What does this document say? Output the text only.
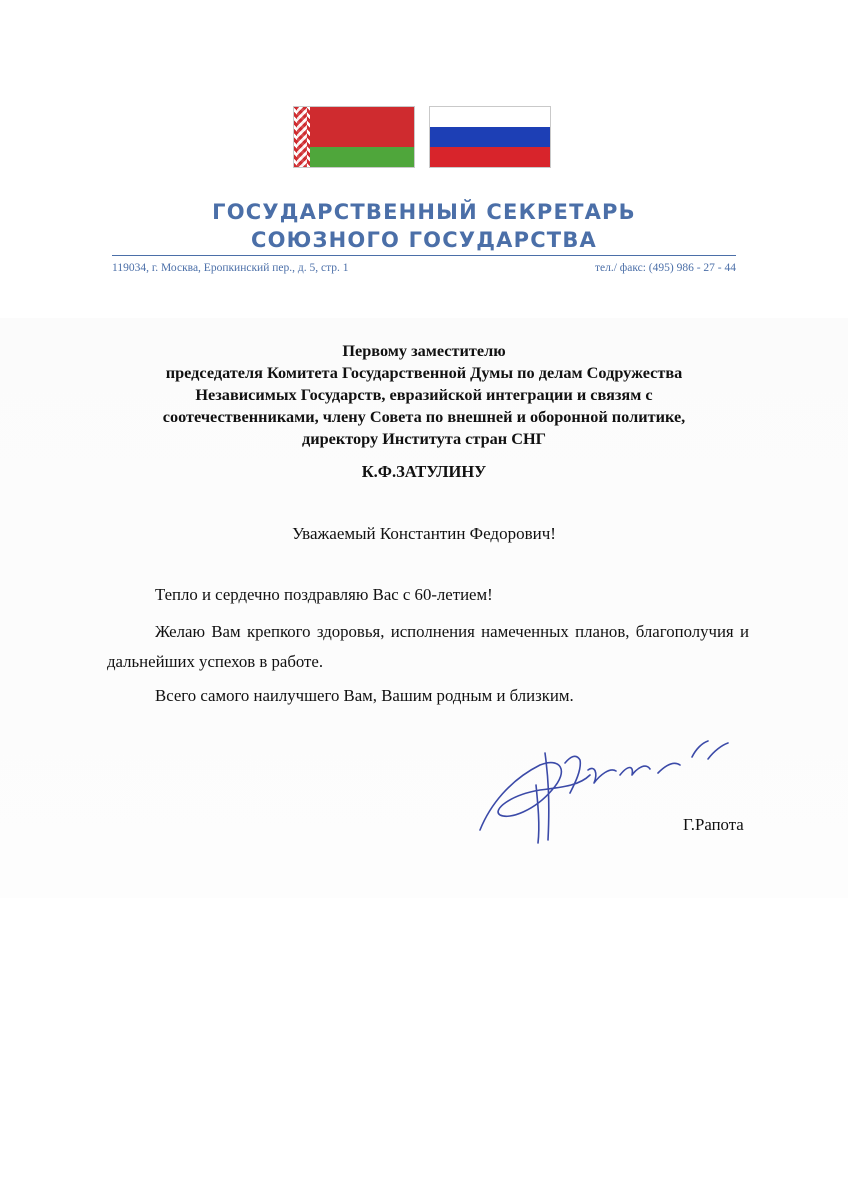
ГОСУДАРСТВЕННЫЙ СЕКРЕТАРЬ
СОЮЗНОГО ГОСУДАРСТВА
119034, г. Москва, Еропкинский пер., д. 5, стр. 1	тел./ факс: (495) 986 - 27 - 44
Первому заместителю
председателя Комитета Государственной Думы по делам Содружества
Независимых Государств, евразийской интеграции и связям с
соотечественниками, члену Совета по внешней и оборонной политике,
директору Института стран СНГ
К.Ф.ЗАТУЛИНУ
Уважаемый Константин Федорович!

Тепло и сердечно поздравляю Вас с 60-летием!

Желаю Вам крепкого здоровья, исполнения намеченных планов, благополучия и дальнейших успехов в работе.

Всего самого наилучшего Вам, Вашим родным и близким.

Г.Рапота
